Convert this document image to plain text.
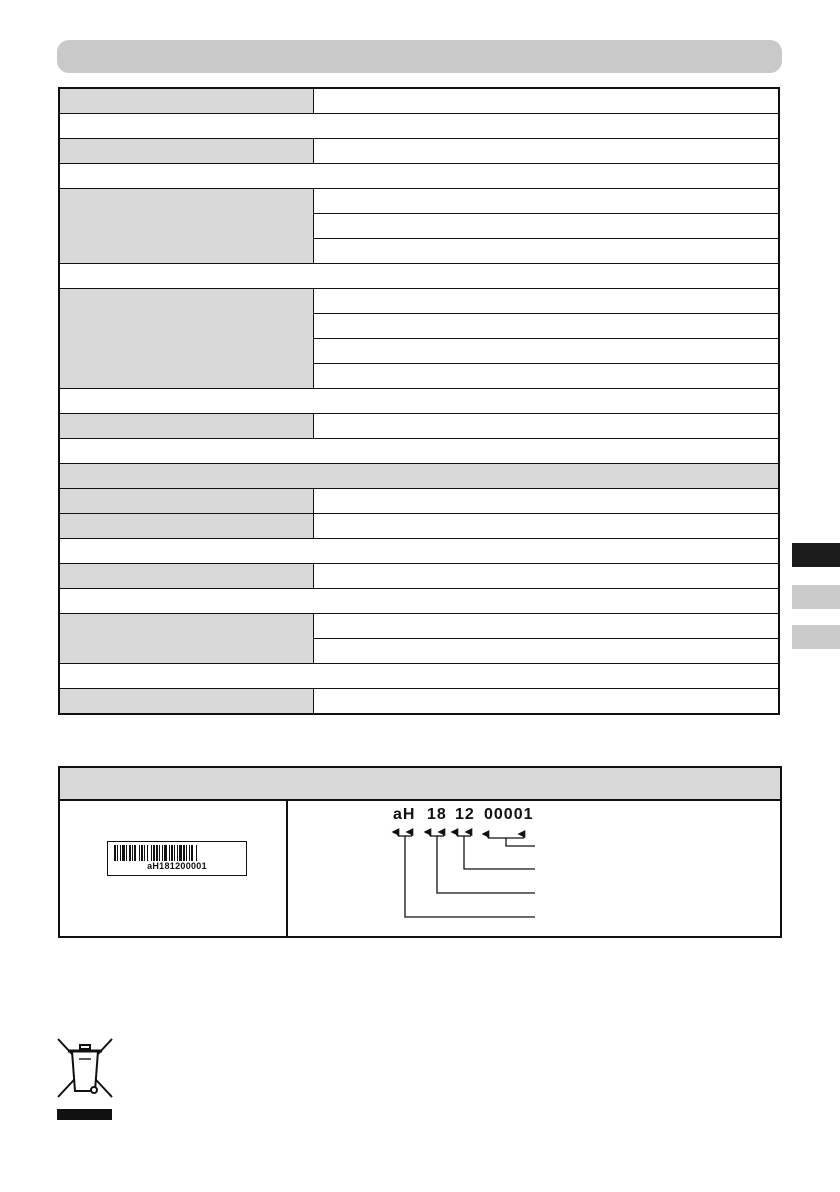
aH181200001
aH 18 12 00001
